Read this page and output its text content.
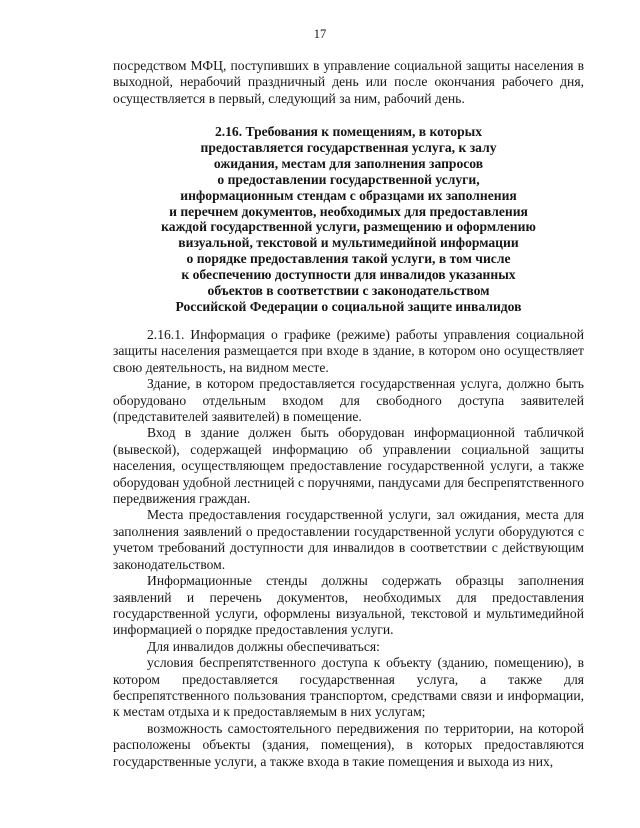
17

посредством МФЦ, поступивших в управление социальной защиты населения в выходной, нерабочий праздничный день или после окончания рабочего дня, осуществляется в первый, следующий за ним, рабочий день.

2.16. Требования к помещениям, в которых
предоставляется государственная услуга, к залу
ожидания, местам для заполнения запросов
о предоставлении государственной услуги,
информационным стендам с образцами их заполнения
и перечнем документов, необходимых для предоставления
каждой государственной услуги, размещению и оформлению
визуальной, текстовой и мультимедийной информации
о порядке предоставления такой услуги, в том числе
к обеспечению доступности для инвалидов указанных
объектов в соответствии с законодательством
Российской Федерации о социальной защите инвалидов

2.16.1. Информация о графике (режиме) работы управления социальной защиты населения размещается при входе в здание, в котором оно осуществляет свою деятельность, на видном месте.

Здание, в котором предоставляется государственная услуга, должно быть оборудовано отдельным входом для свободного доступа заявителей (представителей заявителей) в помещение.

Вход в здание должен быть оборудован информационной табличкой (вывеской), содержащей информацию об управлении социальной защиты населения, осуществляющем предоставление государственной услуги, а также оборудован удобной лестницей с поручнями, пандусами для беспрепятственного передвижения граждан.

Места предоставления государственной услуги, зал ожидания, места для заполнения заявлений о предоставлении государственной услуги оборудуются с учетом требований доступности для инвалидов в соответствии с действующим законодательством.

Информационные стенды должны содержать образцы заполнения заявлений и перечень документов, необходимых для предоставления государственной услуги, оформлены визуальной, текстовой и мультимедийной информацией о порядке предоставления услуги.

Для инвалидов должны обеспечиваться:

условия беспрепятственного доступа к объекту (зданию, помещению), в котором предоставляется государственная услуга, а также для беспрепятственного пользования транспортом, средствами связи и информации, к местам отдыха и к предоставляемым в них услугам;

возможность самостоятельного передвижения по территории, на которой расположены объекты (здания, помещения), в которых предоставляются государственные услуги, а также входа в такие помещения и выхода из них,
